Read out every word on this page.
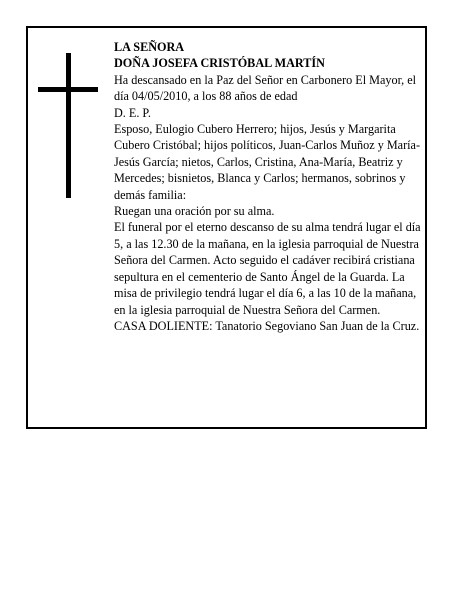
LA SEÑORA

DOÑA JOSEFA CRISTÓBAL MARTÍN

Ha descansado en la Paz del Señor en Carbonero El Mayor, el día 04/05/2010, a los 88 años de edad

D. E. P.

Esposo, Eulogio Cubero Herrero; hijos, Jesús y Margarita Cubero Cristóbal; hijos políticos, Juan-Carlos Muñoz y María-Jesús García; nietos, Carlos, Cristina, Ana-María, Beatriz y Mercedes; bisnietos, Blanca y Carlos; hermanos, sobrinos y demás familia:

Ruegan una oración por su alma.

El funeral por el eterno descanso de su alma tendrá lugar el día 5, a las 12.30 de la mañana, en la iglesia parroquial de Nuestra Señora del Carmen. Acto seguido el cadáver recibirá cristiana sepultura en el cementerio de Santo Ángel de la Guarda. La misa de privilegio tendrá lugar el día 6, a las 10 de la mañana, en la iglesia parroquial de Nuestra Señora del Carmen.

CASA DOLIENTE: Tanatorio Segoviano San Juan de la Cruz.
